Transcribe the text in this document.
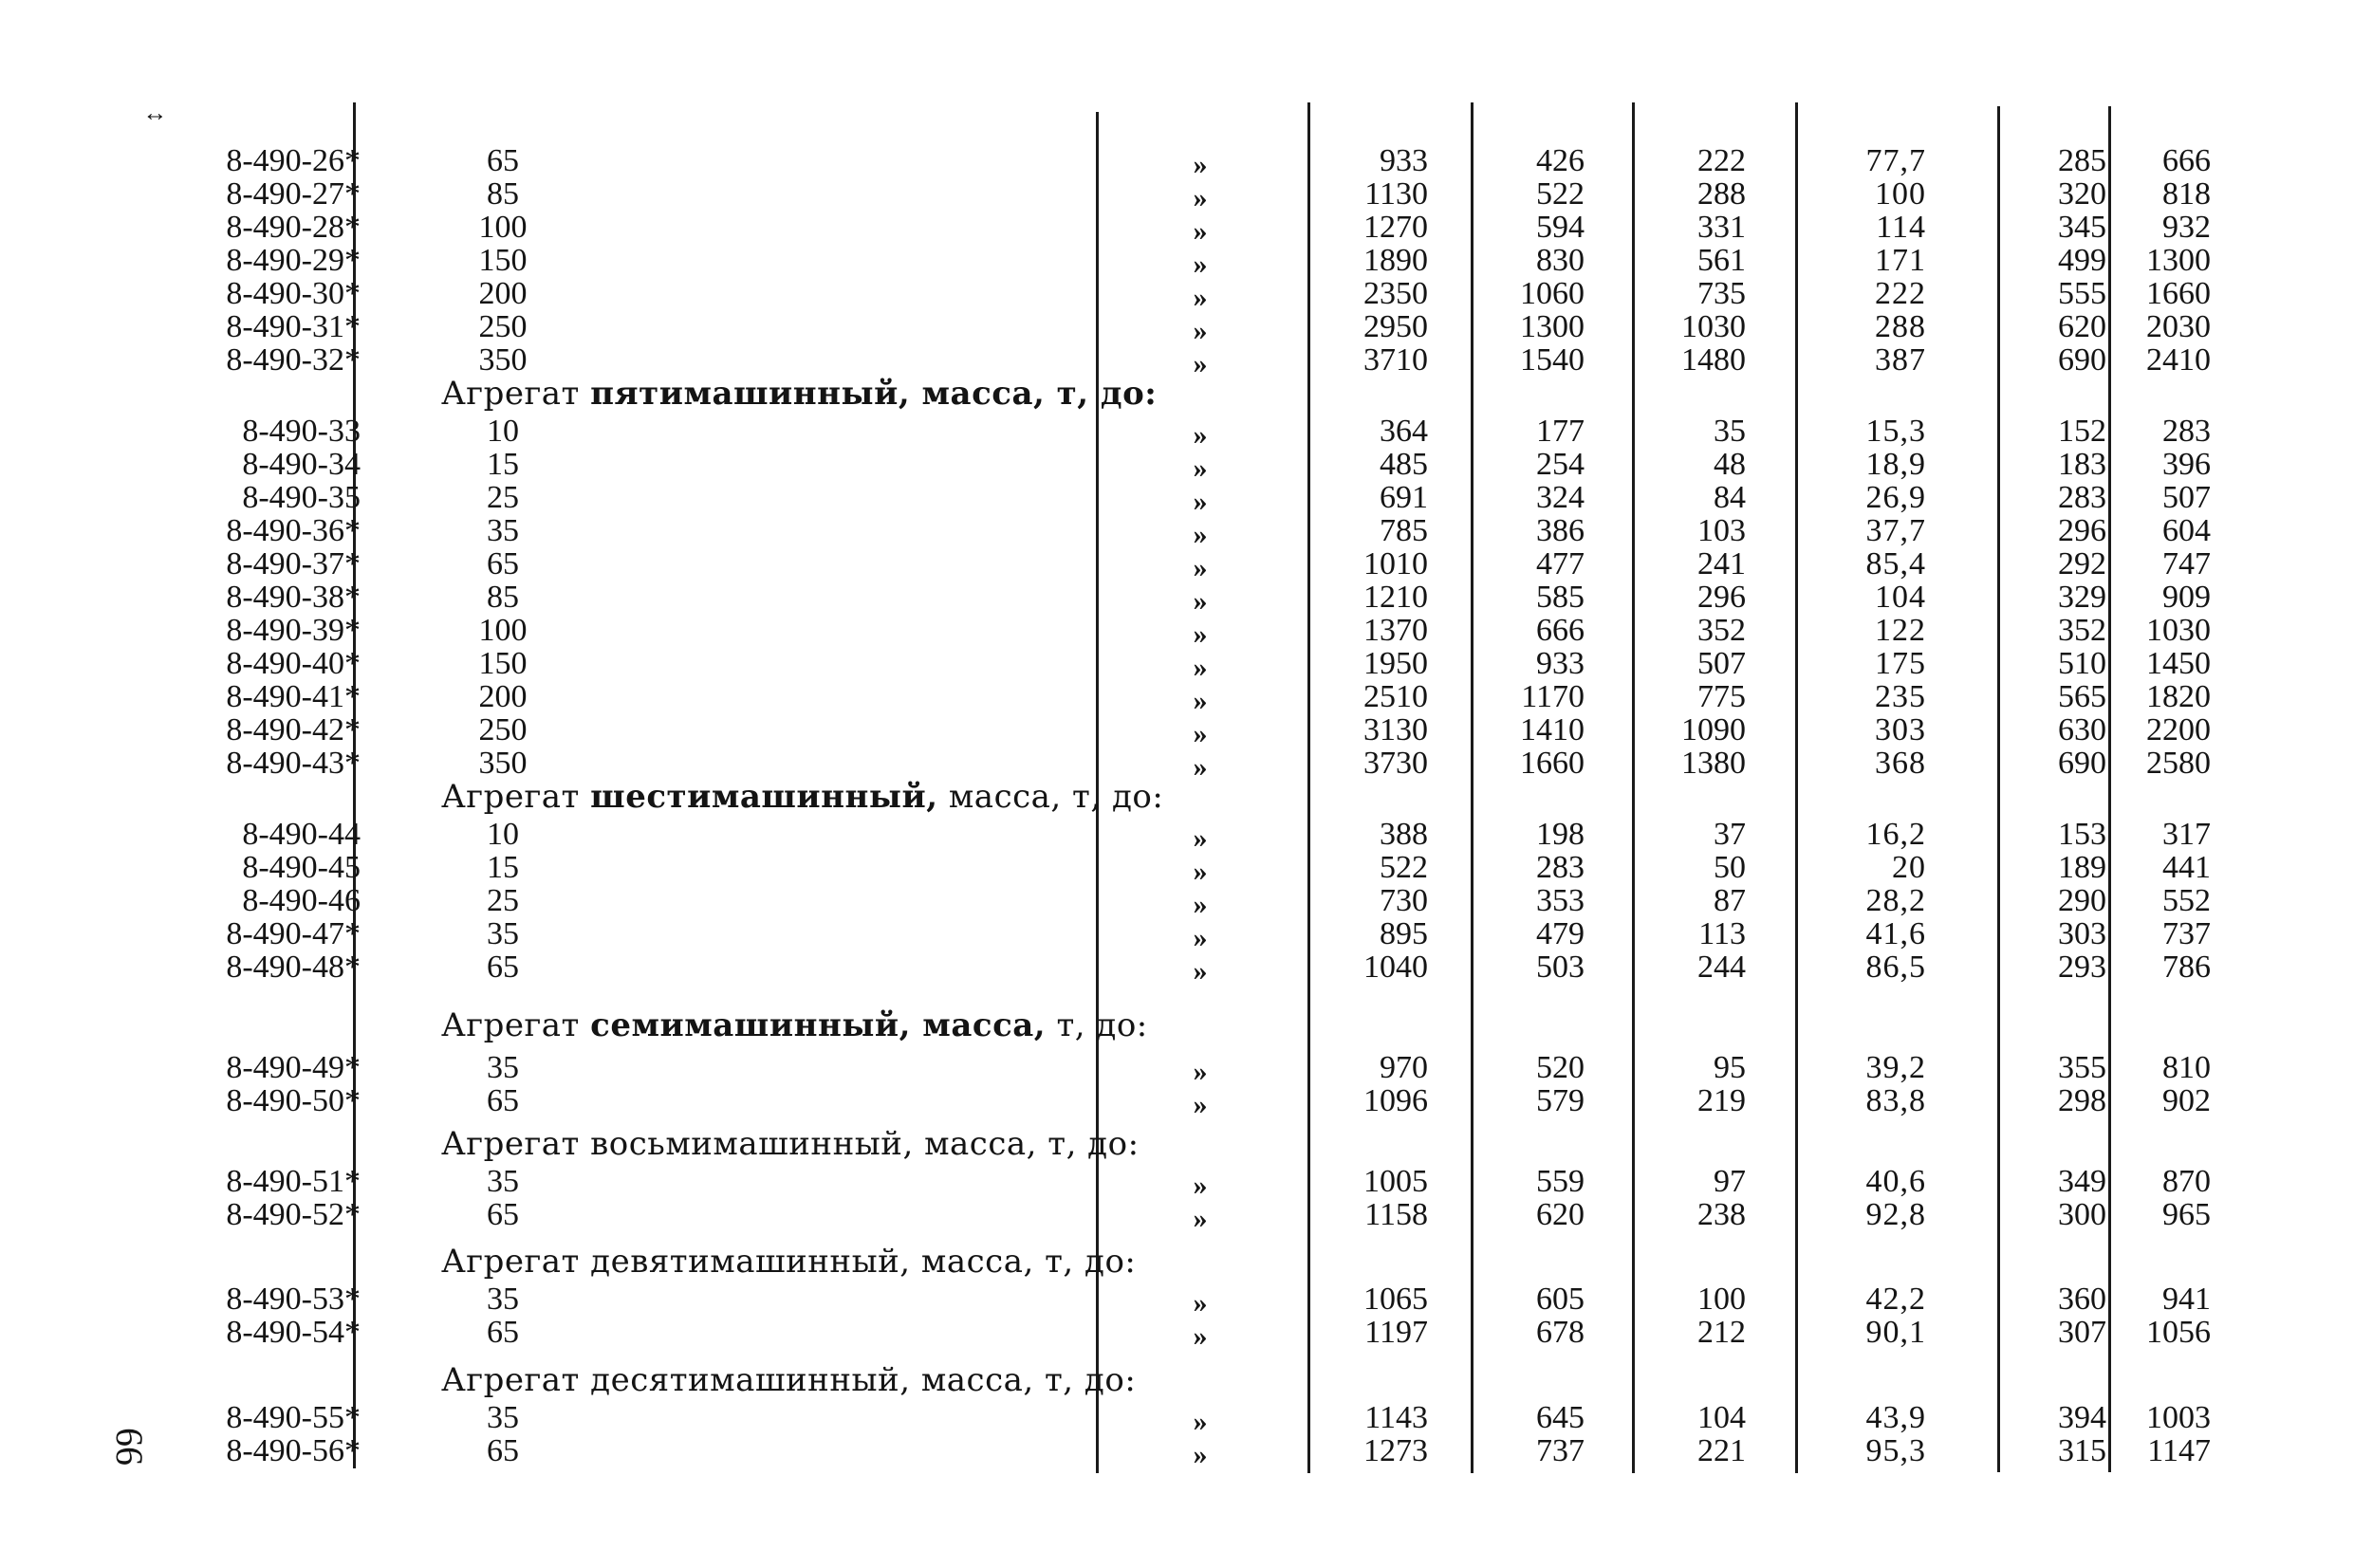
↕
66
8-490-26*	65	»	933	426	222	77,7	285	666
8-490-27*	85	»	1130	522	288	100	320	818
8-490-28*	100	»	1270	594	331	114	345	932
8-490-29*	150	»	1890	830	561	171	499	1300
8-490-30*	200	»	2350	1060	735	222	555	1660
8-490-31*	250	»	2950	1300	1030	288	620	2030
8-490-32*	350	»	3710	1540	1480	387	690	2410
8-490-33	10	»	364	177	35	15,3	152	283
8-490-34	15	»	485	254	48	18,9	183	396
8-490-35	25	»	691	324	84	26,9	283	507
8-490-36*	35	»	785	386	103	37,7	296	604
8-490-37*	65	»	1010	477	241	85,4	292	747
8-490-38*	85	»	1210	585	296	104	329	909
8-490-39*	100	»	1370	666	352	122	352	1030
8-490-40*	150	»	1950	933	507	175	510	1450
8-490-41*	200	»	2510	1170	775	235	565	1820
8-490-42*	250	»	3130	1410	1090	303	630	2200
8-490-43*	350	»	3730	1660	1380	368	690	2580
8-490-44	10	»	388	198	37	16,2	153	317
8-490-45	15	»	522	283	50	20	189	441
8-490-46	25	»	730	353	87	28,2	290	552
8-490-47*	35	»	895	479	113	41,6	303	737
8-490-48*	65	»	1040	503	244	86,5	293	786
8-490-49*	35	»	970	520	95	39,2	355	810
8-490-50*	65	»	1096	579	219	83,8	298	902
8-490-51*	35	»	1005	559	97	40,6	349	870
8-490-52*	65	»	1158	620	238	92,8	300	965
8-490-53*	35	»	1065	605	100	42,2	360	941
8-490-54*	65	»	1197	678	212	90,1	307	1056
8-490-55*	35	»	1143	645	104	43,9	394	1003
8-490-56*	65	»	1273	737	221	95,3	315	1147
Агрегат пятимашинный, масса, т, до:
Агрегат шестимашинный, масса, т, до:
Агрегат семимашинный, масса, т, до:
Агрегат восьмимашинный, масса, т, до:
Агрегат девятимашинный, масса, т, до:
Агрегат десятимашинный, масса, т, до:
